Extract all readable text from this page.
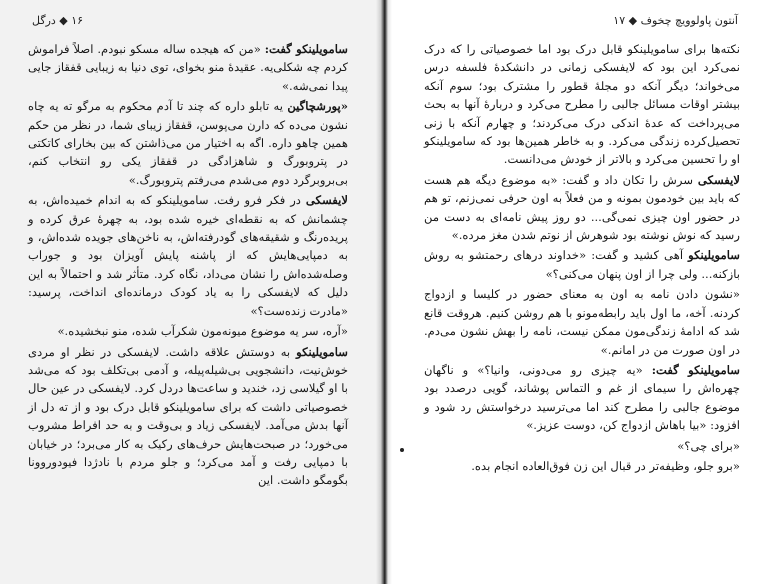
۱۶ ◆ درگل

سامویلینکو گفت: «من که هیجده ساله مسکو نبودم. اصلاً فراموش کردم چه شکلی‌یه. عقیدهٔ منو بخوای، توی دنیا به زیبایی قفقاز جایی پیدا نمی‌شه.»

«پورشچاگین یه تابلو داره که چند تا آدم محکوم به مرگو ته یه چاه نشون می‌ده که دارن می‌پوسن، قفقاز زیبای شما، در نظر من حکم همین چاهو داره. اگه به اختیار من می‌ذاشتن که بین بخارای کاتکتی در پتروبورگ و شاهزادگی در قفقاز یکی رو انتخاب کنم، بی‌بروبرگرد دوم می‌شدم می‌رفتم پتروبورگ.»

لایفسکی در فکر فرو رفت. سامویلینکو که به اندام خمیده‌اش، به چشمانش که به نقطه‌ای خیره شده بود، به چهرهٔ عرق کرده و پریده‌رنگ و شقیقه‌های گودرفته‌اش، به ناخن‌های جویده شده‌اش، و به دمپایی‌هایش که از پاشنه پایش آویزان بود و جوراب وصله‌شده‌اش را نشان می‌داد، نگاه کرد. متأثر شد و احتمالاً به این دلیل که لایفسکی را به یاد کودک درمانده‌ای انداخت، پرسید: «مادرت زنده‌ست؟»

«آره، سر یه موضوع میونه‌مون شکرآب شده، منو نبخشیده.»

سامویلینکو به دوستش علاقه داشت. لایفسکی در نظر او مردی خوش‌نیت، دانشجویی بی‌شیله‌پیله، و آدمی بی‌تکلف بود که می‌شد با او گیلاسی زد، خندید و ساعت‌ها دردل کرد. لایفسکی در عین حال خصوصیاتی داشت که برای سامویلینکو قابل درک بود و از ته دل از آنها بدش می‌آمد. لایفسکی زیاد و بی‌وقت و به حد افراط مشروب می‌خورد؛ در صبحت‌هایش حرف‌های رکیک به کار می‌برد؛ در خیابان با دمپایی رفت و آمد می‌کرد؛ و جلو مردم با نادژدا فیودوروونا بگومگو داشت. این

آنتون پاولوویچ چخوف ◆ ۱۷

نکته‌ها برای سامویلینکو قابل درک بود اما خصوصیاتی را که درک نمی‌کرد این بود که لایفسکی زمانی در دانشکدهٔ فلسفه درس می‌خواند؛ دیگر آنکه دو مجلهٔ قطور را مشترک بود؛ سوم آنکه بیشتر اوقات مسائل جالبی را مطرح می‌کرد و دربارهٔ آنها به بحث می‌پرداخت که عدهٔ اندکی درک می‌کردند؛ و چهارم آنکه با زنی تحصیل‌کرده زندگی می‌کرد. و به خاطر همین‌ها بود که سامویلینکو او را تحسین می‌کرد و بالاتر از خودش می‌دانست.

لایفسکی سرش را تکان داد و گفت: «به موضوع دیگه هم هست که باید بین خودمون بمونه و من فعلاً به اون حرفی نمی‌زنم، تو هم در حضور اون چیزی نمی‌گی... دو روز پیش نامه‌ای به دست من رسید که نوش نوشته بود شوهرش از نوتم شدن مغز مرده.»

سامویلینکو آهی کشید و گفت: «خداوند درهای رحمتشو به روش بازکنه... ولی چرا از اون پنهان می‌کنی؟»

«نشون دادن نامه به اون به معنای حضور در کلیسا و ازدواج کردنه. آخه، ما اول باید رابطه‌مونو با هم روشن کنیم. هروقت قانع شد که ادامهٔ زندگی‌مون ممکن نیست، نامه را بهش نشون می‌دم. در اون صورت من در امانم.»

سامویلینکو گفت: «یه چیزی رو می‌دونی، وانیا؟» و ناگهان چهره‌اش را سیمای از غم و التماس پوشاند، گویی درصدد بود موضوع جالبی را مطرح کند اما می‌ترسید درخواستش رد شود و افزود: «بیا باهاش ازدواج کن، دوست عزیز.»

«برای چی؟»

«برو جلو، وظیفه‌تر در قبال این زن فوق‌العاده انجام بده.
